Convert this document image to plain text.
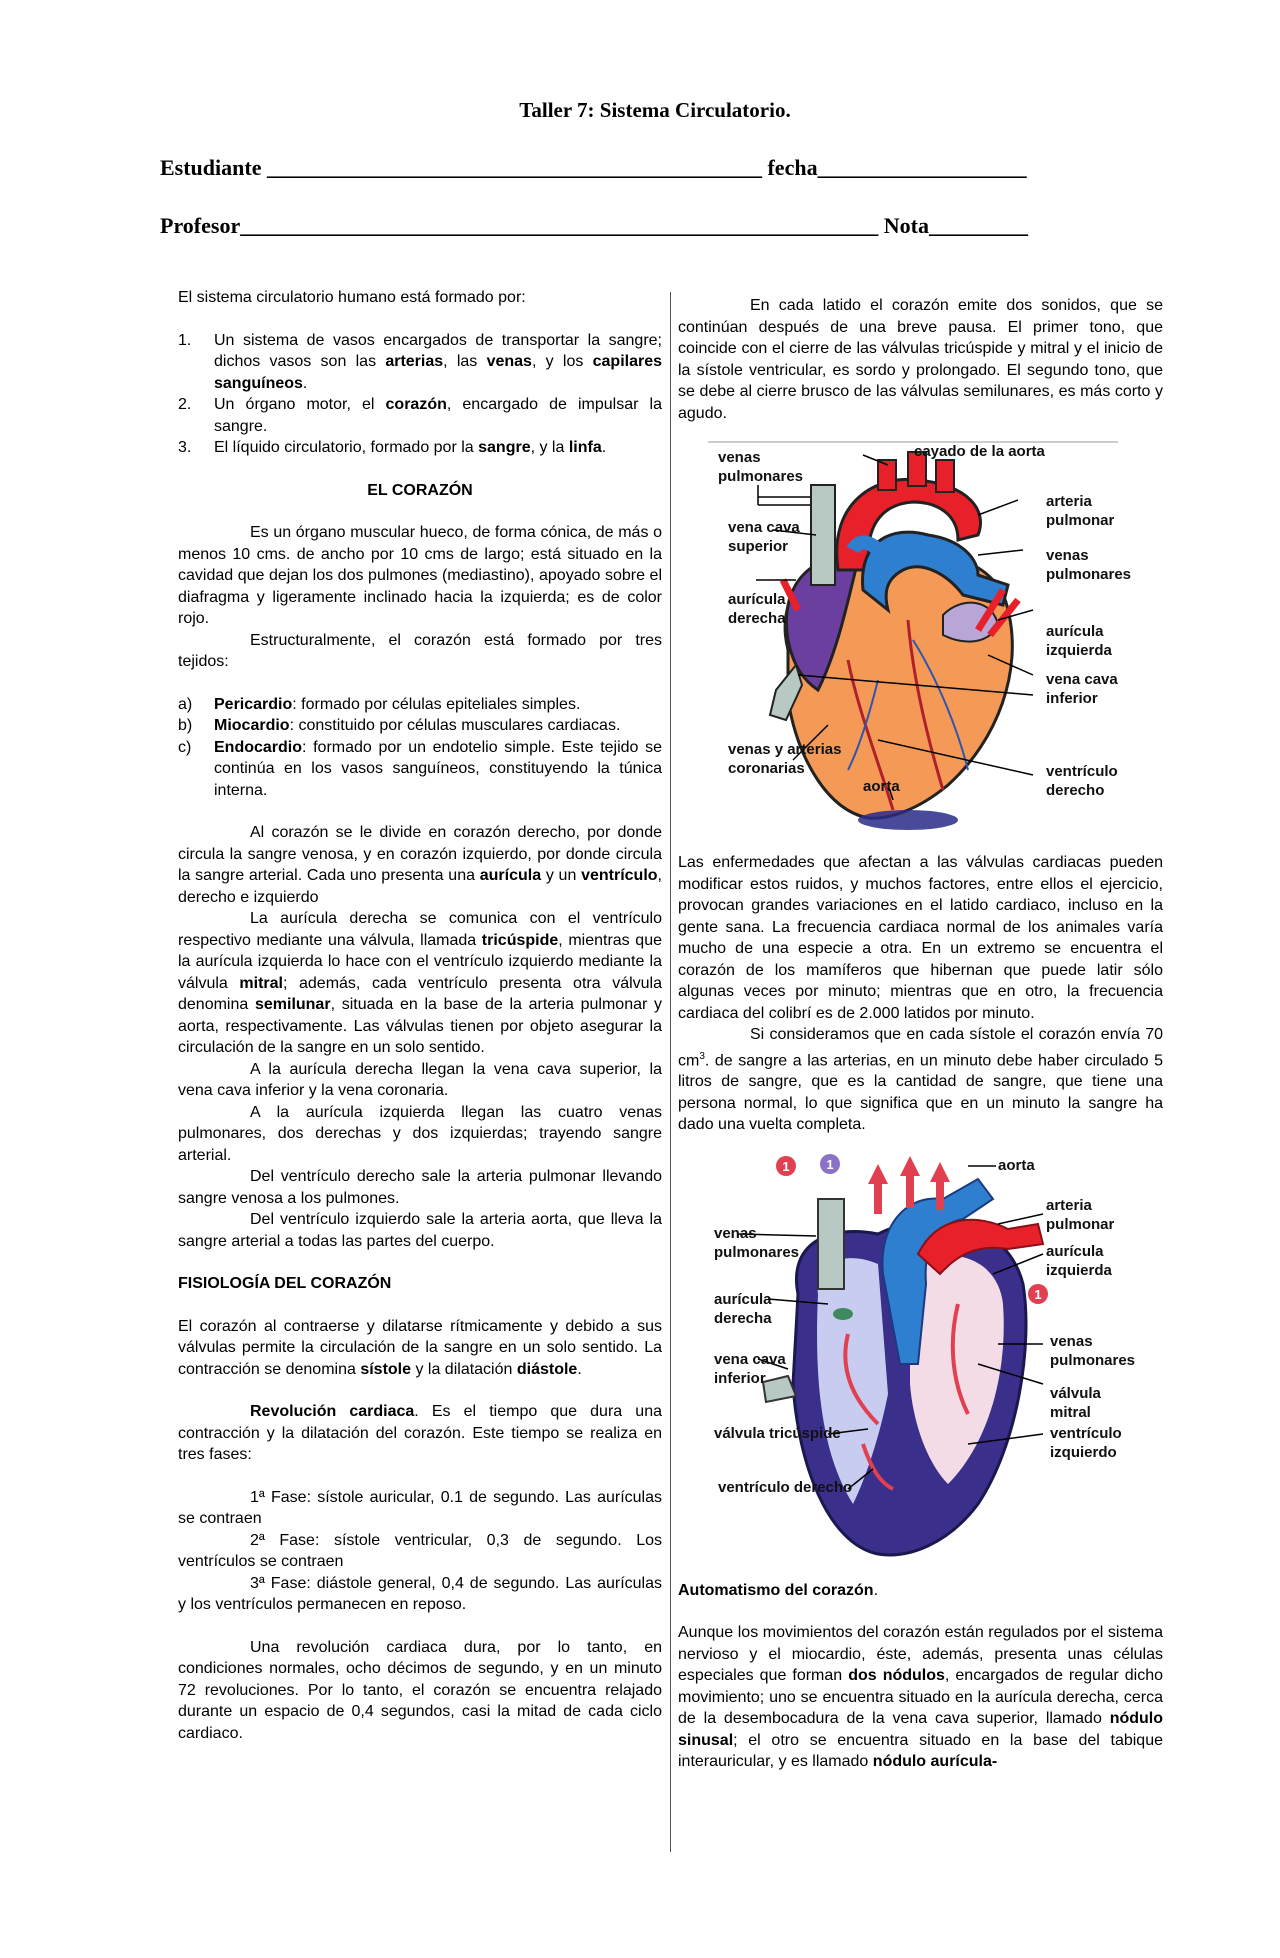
Taller 7: Sistema Circulatorio.
Estudiante _____________________________________________ fecha___________________
Profesor__________________________________________________________ Nota_________

El sistema circulatorio humano está formado por:

1.	Un sistema de vasos encargados de transportar la sangre; dichos vasos son las arterias, las venas, y los capilares sanguíneos.
2.	Un órgano motor, el corazón, encargado de impulsar la sangre.
3.	El líquido circulatorio, formado por la sangre, y la linfa.

EL CORAZÓN

Es un órgano muscular hueco, de forma cónica, de más o menos 10 cms. de ancho por 10 cms de largo; está situado en la cavidad que dejan los dos pulmones (mediastino), apoyado sobre el diafragma y ligeramente inclinado hacia la izquierda; es de color rojo.

Estructuralmente, el corazón está formado por tres tejidos:

a)	Pericardio: formado por células epiteliales simples.
b)	Miocardio: constituido por células musculares cardiacas.
c)	Endocardio: formado por un endotelio simple. Este tejido se continúa en los vasos sanguíneos, constituyendo la túnica interna.

Al corazón se le divide en corazón derecho, por donde circula la sangre venosa, y en corazón izquierdo, por donde circula la sangre arterial. Cada uno presenta una aurícula y un ventrículo, derecho e izquierdo

La aurícula derecha se comunica con el ventrículo respectivo mediante una válvula, llamada tricúspide, mientras que la aurícula izquierda lo hace con el ventrículo izquierdo mediante la válvula mitral; además, cada ventrículo presenta otra válvula denomina semilunar, situada en la base de la arteria pulmonar y aorta, respectivamente. Las válvulas tienen por objeto asegurar la circulación de la sangre en un solo sentido.

A la aurícula derecha llegan la vena cava superior, la vena cava inferior y la vena coronaria.

A la aurícula izquierda llegan las cuatro venas pulmonares, dos derechas y dos izquierdas; trayendo sangre arterial.

Del ventrículo derecho sale la arteria pulmonar llevando sangre venosa a los pulmones.

Del ventrículo izquierdo sale la arteria aorta, que lleva la sangre arterial a todas las partes del cuerpo.

FISIOLOGÍA DEL CORAZÓN

El corazón al contraerse y dilatarse rítmicamente y debido a sus válvulas permite la circulación de la sangre en un solo sentido. La contracción se denomina sístole y la dilatación diástole.

Revolución cardiaca. Es el tiempo que dura una contracción y la dilatación del corazón. Este tiempo se realiza en tres fases:

1ª Fase: sístole auricular, 0.1 de segundo. Las aurículas se contraen

2ª Fase: sístole ventricular, 0,3 de segundo. Los ventrículos se contraen

3ª Fase: diástole general, 0,4 de segundo. Las aurículas y los ventrículos permanecen en reposo.

Una revolución cardiaca dura, por lo tanto, en condiciones normales, ocho décimos de segundo, y en un minuto 72 revoluciones. Por lo tanto, el corazón se encuentra relajado durante un espacio de 0,4 segundos, casi la mitad de cada ciclo cardiaco.

En cada latido el corazón emite dos sonidos, que se continúan después de una breve pausa. El primer tono, que coincide con el cierre de las válvulas tricúspide y mitral y el inicio de la sístole ventricular, es sordo y prolongado. El segundo tono, que se debe al cierre brusco de las válvulas semilunares, es más corto y agudo.

venas
pulmonares
cayado de la aorta
arteria
pulmonar
vena cava
superior
venas
pulmonares
aurícula
derecha
aurícula
izquierda
vena cava
inferior
venas y arterias
coronarias	ventrículo
derecho
aorta

Las enfermedades que afectan a las válvulas cardiacas pueden modificar estos ruidos, y muchos factores, entre ellos el ejercicio, provocan grandes variaciones en el latido cardiaco, incluso en la gente sana. La frecuencia cardiaca normal de los animales varía mucho de una especie a otra. En un extremo se encuentra el corazón de los mamíferos que hibernan que puede latir sólo algunas veces por minuto; mientras que en otro, la frecuencia cardiaca del colibrí es de 2.000 latidos por minuto.

Si consideramos que en cada sístole el corazón envía 70 $cm^3$. de sangre a las arterias, en un minuto debe haber circulado 5 litros de sangre, que es la cantidad de sangre, que tiene una persona normal, lo que significa que en un minuto la sangre ha dado una vuelta completa.

1	1
1
aorta
arteria
pulmonar
venas
pulmonares	aurícula
izquierda
aurícula
derecha
venas
pulmonares
vena cava
inferior
válvula
mitral
válvula tricúspide	ventrículo
izquierdo
ventrículo derecho

Automatismo del corazón.

Aunque los movimientos del corazón están regulados por el sistema nervioso y el miocardio, éste, además, presenta unas células especiales que forman dos nódulos, encargados de regular dicho movimiento; uno se encuentra situado en la aurícula derecha, cerca de la desembocadura de la vena cava superior, llamado nódulo sinusal; el otro se encuentra situado en la base del tabique interauricular, y es llamado nódulo aurícula-
